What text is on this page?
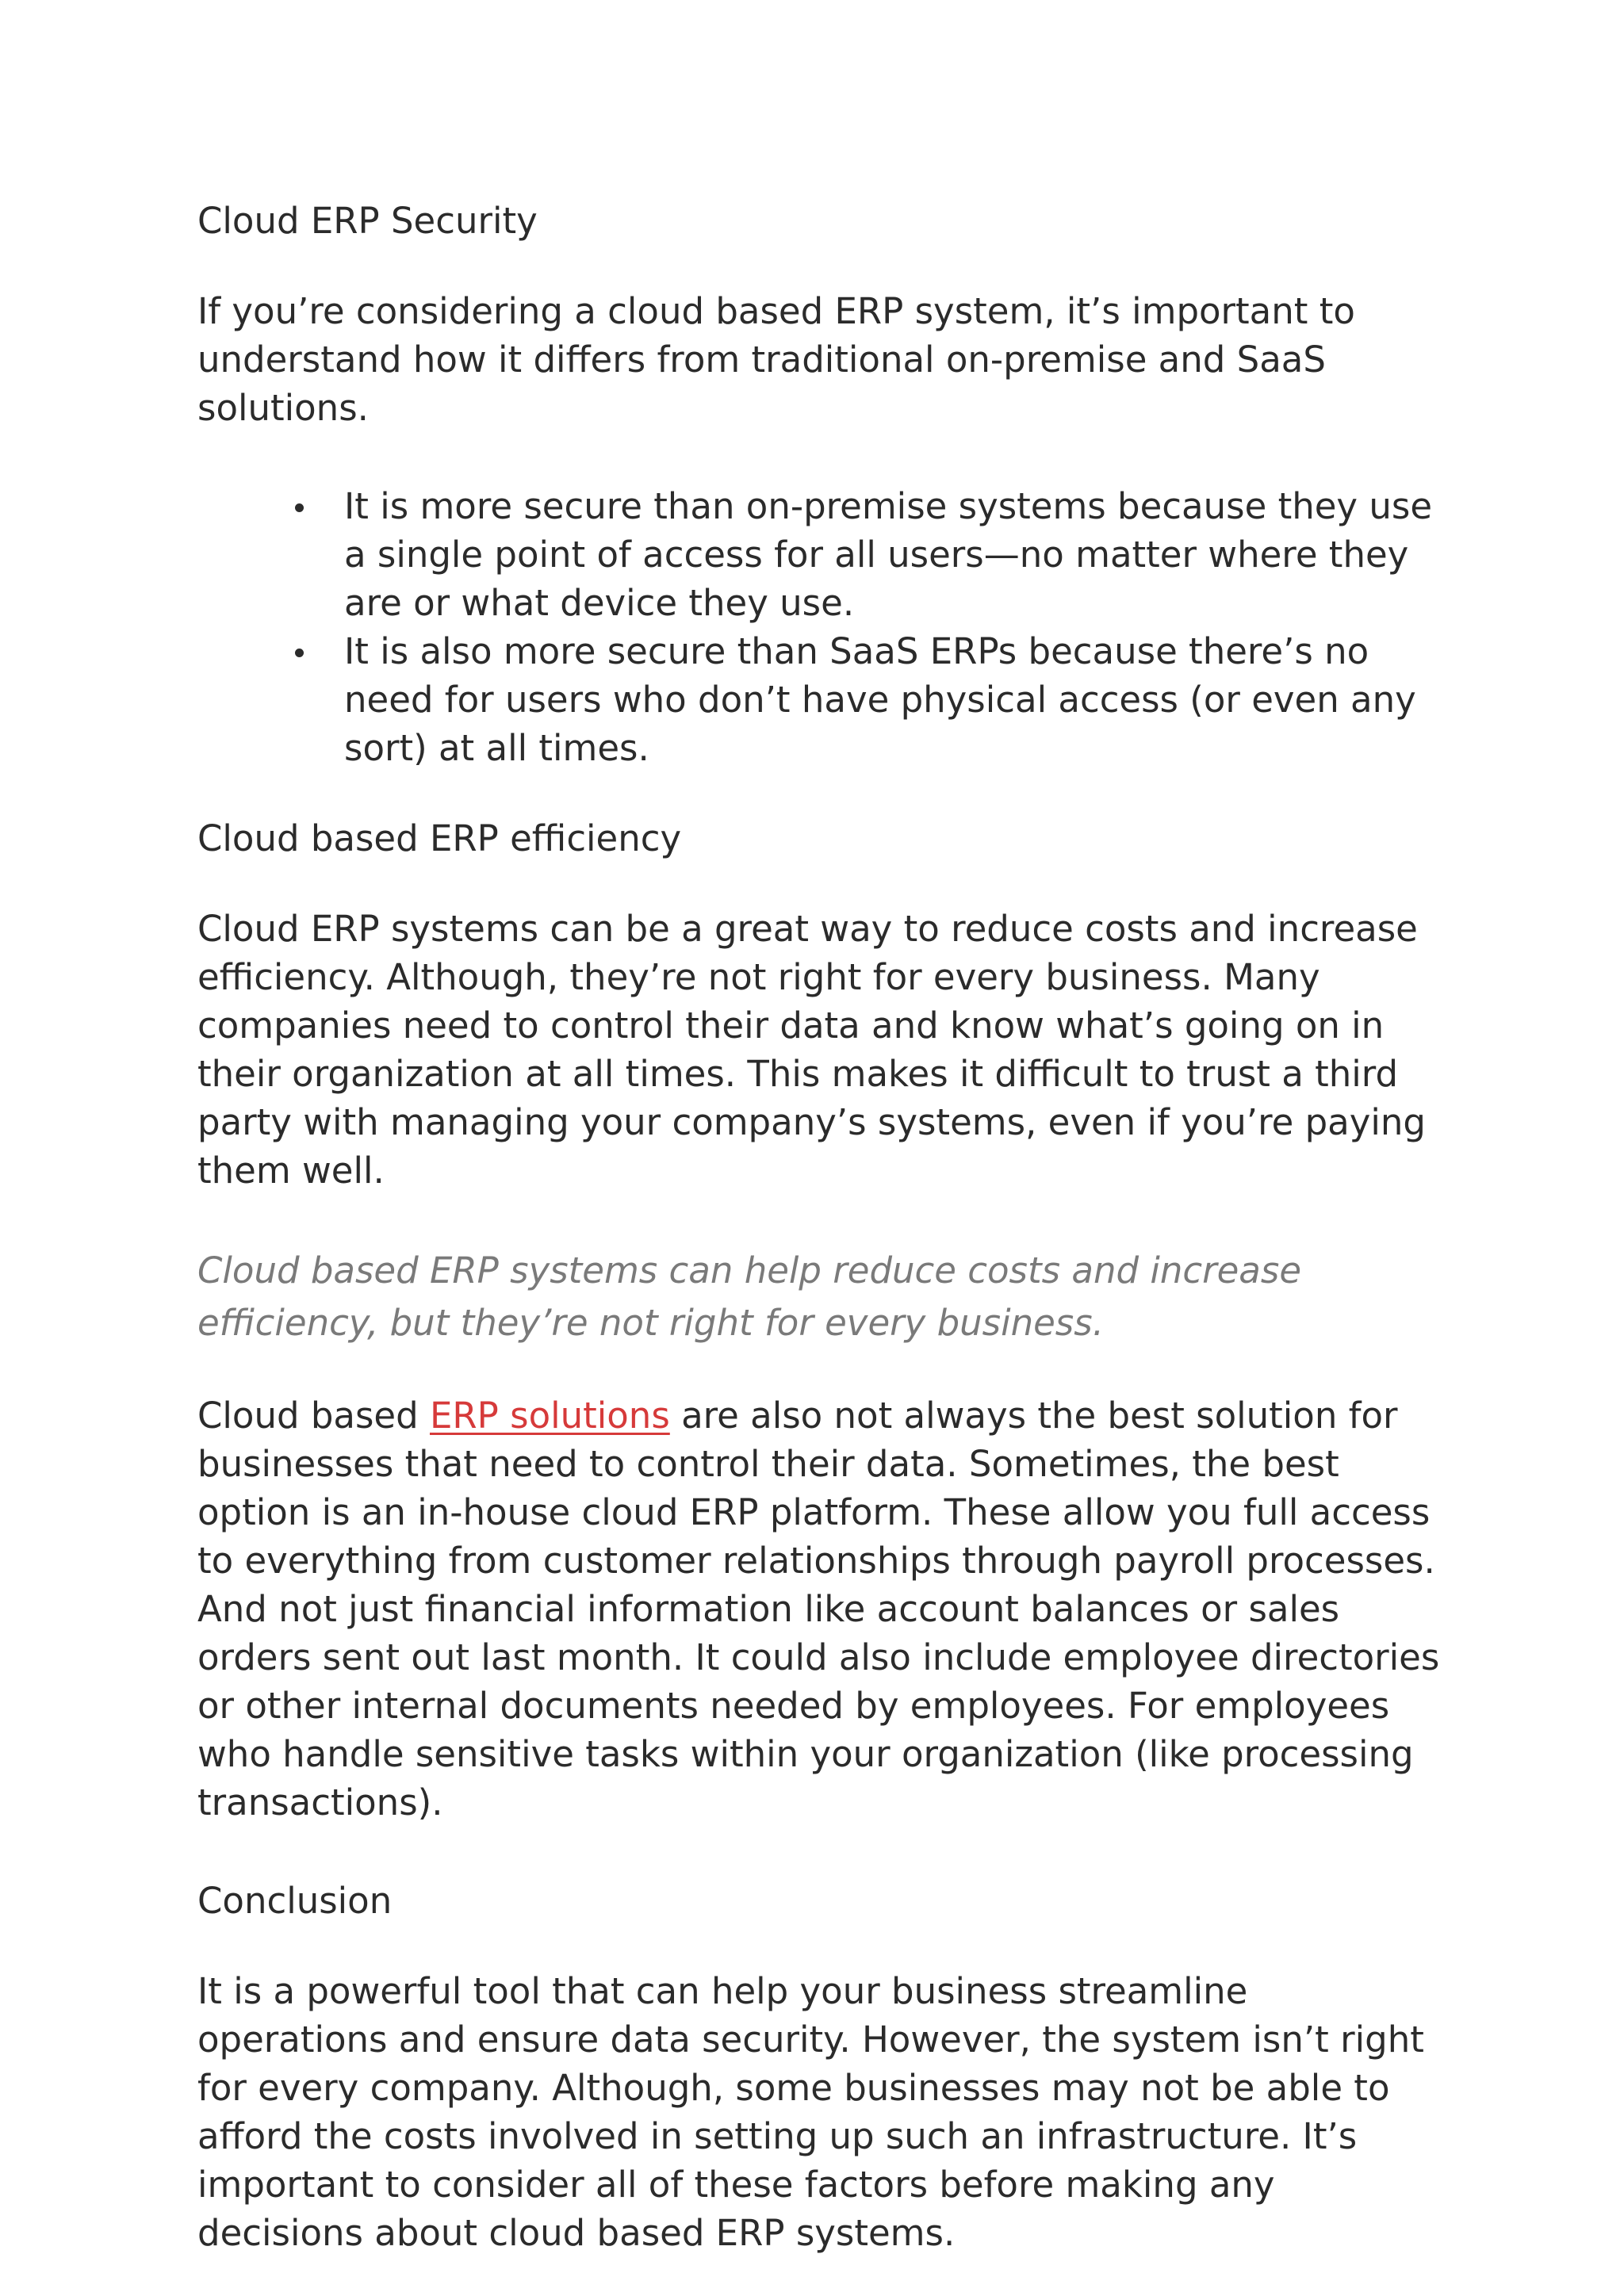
Cloud ERP Security

If you’re considering a cloud based ERP system, it’s important to understand how it differs from traditional on-premise and SaaS solutions.

It is more secure than on-premise systems because they use a single point of access for all users—no matter where they are or what device they use.
It is also more secure than SaaS ERPs because there’s no need for users who don’t have physical access (or even any sort) at all times.

Cloud based ERP efficiency

Cloud ERP systems can be a great way to reduce costs and increase efficiency. Although, they’re not right for every business. Many companies need to control their data and know what’s going on in their organization at all times. This makes it difficult to trust a third party with managing your company’s systems, even if you’re paying them well.

Cloud based ERP systems can help reduce costs and increase efficiency, but they’re not right for every business.

Cloud based ERP solutions are also not always the best solution for businesses that need to control their data. Sometimes, the best option is an in-house cloud ERP platform. These allow you full access to everything from customer relationships through payroll processes. And not just financial information like account balances or sales orders sent out last month. It could also include employee directories or other internal documents needed by employees. For employees who handle sensitive tasks within your organization (like processing transactions).

Conclusion

It is a powerful tool that can help your business streamline operations and ensure data security. However, the system isn’t right for every company. Although, some businesses may not be able to afford the costs involved in setting up such an infrastructure. It’s important to consider all of these factors before making any decisions about cloud based ERP systems.
